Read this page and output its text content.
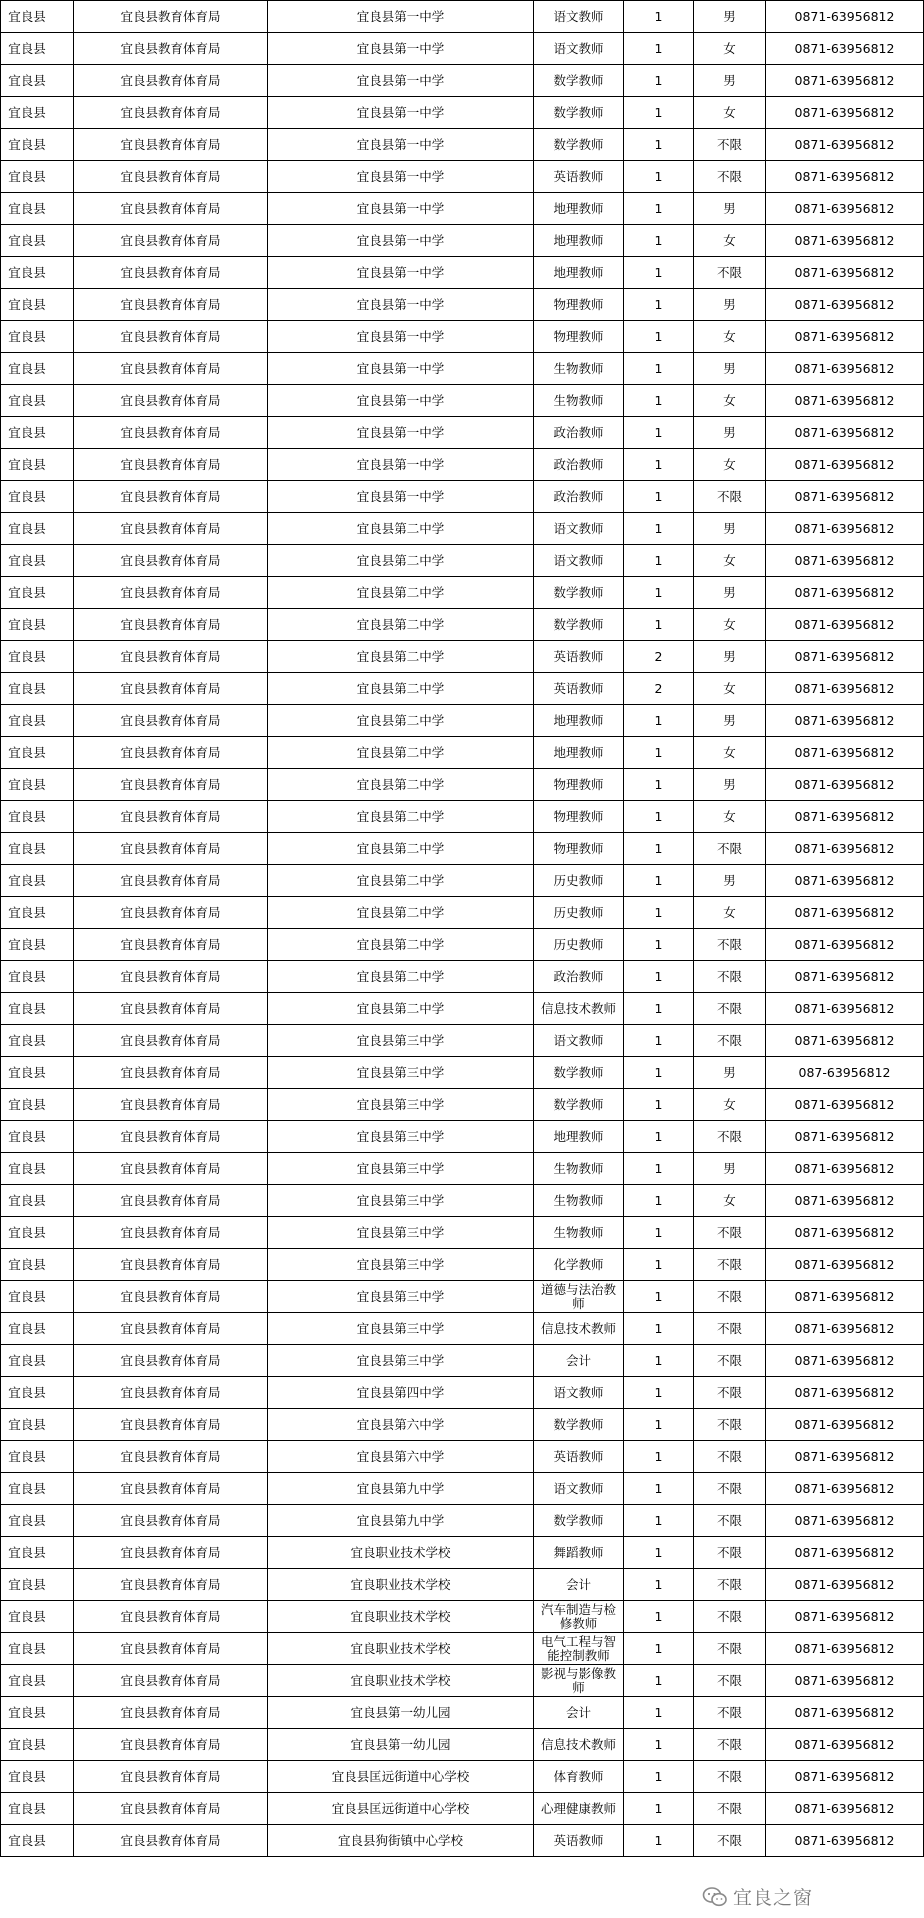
宜良县	宜良县教育体育局	宜良县第一中学	语文教师	1	男	0871-63956812
宜良县	宜良县教育体育局	宜良县第一中学	语文教师	1	女	0871-63956812
宜良县	宜良县教育体育局	宜良县第一中学	数学教师	1	男	0871-63956812
宜良县	宜良县教育体育局	宜良县第一中学	数学教师	1	女	0871-63956812
宜良县	宜良县教育体育局	宜良县第一中学	数学教师	1	不限	0871-63956812
宜良县	宜良县教育体育局	宜良县第一中学	英语教师	1	不限	0871-63956812
宜良县	宜良县教育体育局	宜良县第一中学	地理教师	1	男	0871-63956812
宜良县	宜良县教育体育局	宜良县第一中学	地理教师	1	女	0871-63956812
宜良县	宜良县教育体育局	宜良县第一中学	地理教师	1	不限	0871-63956812
宜良县	宜良县教育体育局	宜良县第一中学	物理教师	1	男	0871-63956812
宜良县	宜良县教育体育局	宜良县第一中学	物理教师	1	女	0871-63956812
宜良县	宜良县教育体育局	宜良县第一中学	生物教师	1	男	0871-63956812
宜良县	宜良县教育体育局	宜良县第一中学	生物教师	1	女	0871-63956812
宜良县	宜良县教育体育局	宜良县第一中学	政治教师	1	男	0871-63956812
宜良县	宜良县教育体育局	宜良县第一中学	政治教师	1	女	0871-63956812
宜良县	宜良县教育体育局	宜良县第一中学	政治教师	1	不限	0871-63956812
宜良县	宜良县教育体育局	宜良县第二中学	语文教师	1	男	0871-63956812
宜良县	宜良县教育体育局	宜良县第二中学	语文教师	1	女	0871-63956812
宜良县	宜良县教育体育局	宜良县第二中学	数学教师	1	男	0871-63956812
宜良县	宜良县教育体育局	宜良县第二中学	数学教师	1	女	0871-63956812
宜良县	宜良县教育体育局	宜良县第二中学	英语教师	2	男	0871-63956812
宜良县	宜良县教育体育局	宜良县第二中学	英语教师	2	女	0871-63956812
宜良县	宜良县教育体育局	宜良县第二中学	地理教师	1	男	0871-63956812
宜良县	宜良县教育体育局	宜良县第二中学	地理教师	1	女	0871-63956812
宜良县	宜良县教育体育局	宜良县第二中学	物理教师	1	男	0871-63956812
宜良县	宜良县教育体育局	宜良县第二中学	物理教师	1	女	0871-63956812
宜良县	宜良县教育体育局	宜良县第二中学	物理教师	1	不限	0871-63956812
宜良县	宜良县教育体育局	宜良县第二中学	历史教师	1	男	0871-63956812
宜良县	宜良县教育体育局	宜良县第二中学	历史教师	1	女	0871-63956812
宜良县	宜良县教育体育局	宜良县第二中学	历史教师	1	不限	0871-63956812
宜良县	宜良县教育体育局	宜良县第二中学	政治教师	1	不限	0871-63956812
宜良县	宜良县教育体育局	宜良县第二中学	信息技术教师	1	不限	0871-63956812
宜良县	宜良县教育体育局	宜良县第三中学	语文教师	1	不限	0871-63956812
宜良县	宜良县教育体育局	宜良县第三中学	数学教师	1	男	087-63956812
宜良县	宜良县教育体育局	宜良县第三中学	数学教师	1	女	0871-63956812
宜良县	宜良县教育体育局	宜良县第三中学	地理教师	1	不限	0871-63956812
宜良县	宜良县教育体育局	宜良县第三中学	生物教师	1	男	0871-63956812
宜良县	宜良县教育体育局	宜良县第三中学	生物教师	1	女	0871-63956812
宜良县	宜良县教育体育局	宜良县第三中学	生物教师	1	不限	0871-63956812
宜良县	宜良县教育体育局	宜良县第三中学	化学教师	1	不限	0871-63956812
宜良县	宜良县教育体育局	宜良县第三中学	道德与法治教师	1	不限	0871-63956812
宜良县	宜良县教育体育局	宜良县第三中学	信息技术教师	1	不限	0871-63956812
宜良县	宜良县教育体育局	宜良县第三中学	会计	1	不限	0871-63956812
宜良县	宜良县教育体育局	宜良县第四中学	语文教师	1	不限	0871-63956812
宜良县	宜良县教育体育局	宜良县第六中学	数学教师	1	不限	0871-63956812
宜良县	宜良县教育体育局	宜良县第六中学	英语教师	1	不限	0871-63956812
宜良县	宜良县教育体育局	宜良县第九中学	语文教师	1	不限	0871-63956812
宜良县	宜良县教育体育局	宜良县第九中学	数学教师	1	不限	0871-63956812
宜良县	宜良县教育体育局	宜良职业技术学校	舞蹈教师	1	不限	0871-63956812
宜良县	宜良县教育体育局	宜良职业技术学校	会计	1	不限	0871-63956812
宜良县	宜良县教育体育局	宜良职业技术学校	汽车制造与检修教师	1	不限	0871-63956812
宜良县	宜良县教育体育局	宜良职业技术学校	电气工程与智能控制教师	1	不限	0871-63956812
宜良县	宜良县教育体育局	宜良职业技术学校	影视与影像教师	1	不限	0871-63956812
宜良县	宜良县教育体育局	宜良县第一幼儿园	会计	1	不限	0871-63956812
宜良县	宜良县教育体育局	宜良县第一幼儿园	信息技术教师	1	不限	0871-63956812
宜良县	宜良县教育体育局	宜良县匡远街道中心学校	体育教师	1	不限	0871-63956812
宜良县	宜良县教育体育局	宜良县匡远街道中心学校	心理健康教师	1	不限	0871-63956812
宜良县	宜良县教育体育局	宜良县狗街镇中心学校	英语教师	1	不限	0871-63956812
宜良之窗
